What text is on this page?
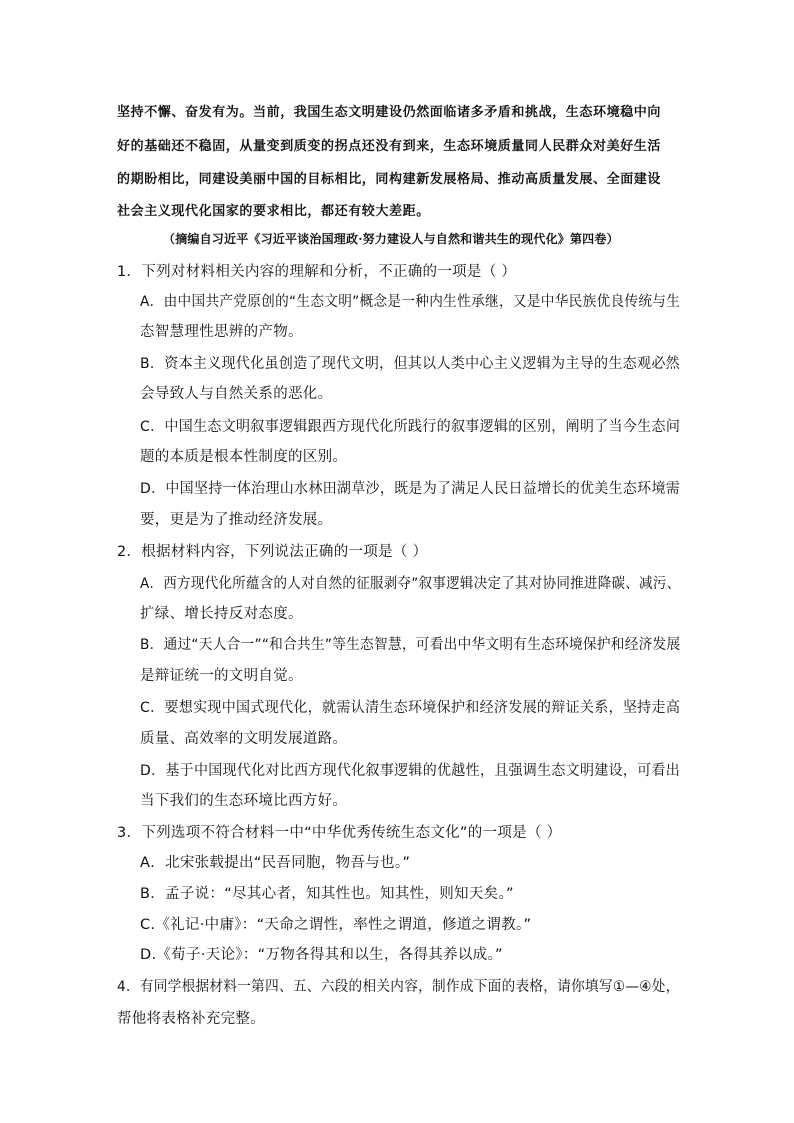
坚持不懈、奋发有为。当前，我国生态文明建设仍然面临诸多矛盾和挑战，生态环境稳中向
好的基础还不稳固，从量变到质变的拐点还没有到来，生态环境质量同人民群众对美好生活
的期盼相比，同建设美丽中国的目标相比，同构建新发展格局、推动高质量发展、全面建设
社会主义现代化国家的要求相比，都还有较大差距。
（摘编自习近平《习近平谈治国理政·努力建设人与自然和谐共生的现代化》第四卷）
1．下列对材料相关内容的理解和分析，不正确的一项是（ ）
A．由中国共产党原创的“生态文明”概念是一种内生性承继，又是中华民族优良传统与生
态智慧理性思辨的产物。
B．资本主义现代化虽创造了现代文明，但其以人类中心主义逻辑为主导的生态观必然
会导致人与自然关系的恶化。
C．中国生态文明叙事逻辑跟西方现代化所践行的叙事逻辑的区别，阐明了当今生态问
题的本质是根本性制度的区别。
D．中国坚持一体治理山水林田湖草沙，既是为了满足人民日益增长的优美生态环境需
要，更是为了推动经济发展。
2．根据材料内容，下列说法正确的一项是（ ）
A．西方现代化所蕴含的人对自然的征服剥夺”叙事逻辑决定了其对协同推进降碳、减污、
扩绿、增长持反对态度。
B．通过“天人合一”“和合共生”等生态智慧，可看出中华文明有生态环境保护和经济发展
是辩证统一的文明自觉。
C．要想实现中国式现代化，就需认清生态环境保护和经济发展的辩证关系，坚持走高
质量、高效率的文明发展道路。
D．基于中国现代化对比西方现代化叙事逻辑的优越性，且强调生态文明建设，可看出
当下我们的生态环境比西方好。
3．下列选项不符合材料一中“中华优秀传统生态文化”的一项是（ ）
A．北宋张载提出“民吾同胞，物吾与也。”
B．孟子说：“尽其心者，知其性也。知其性，则知天矣。”
C.《礼记·中庸》：“天命之谓性，率性之谓道，修道之谓教。”
D.《荀子·天论》：“万物各得其和以生，各得其养以成。”
4．有同学根据材料一第四、五、六段的相关内容，制作成下面的表格，请你填写①—④处，
帮他将表格补充完整。
